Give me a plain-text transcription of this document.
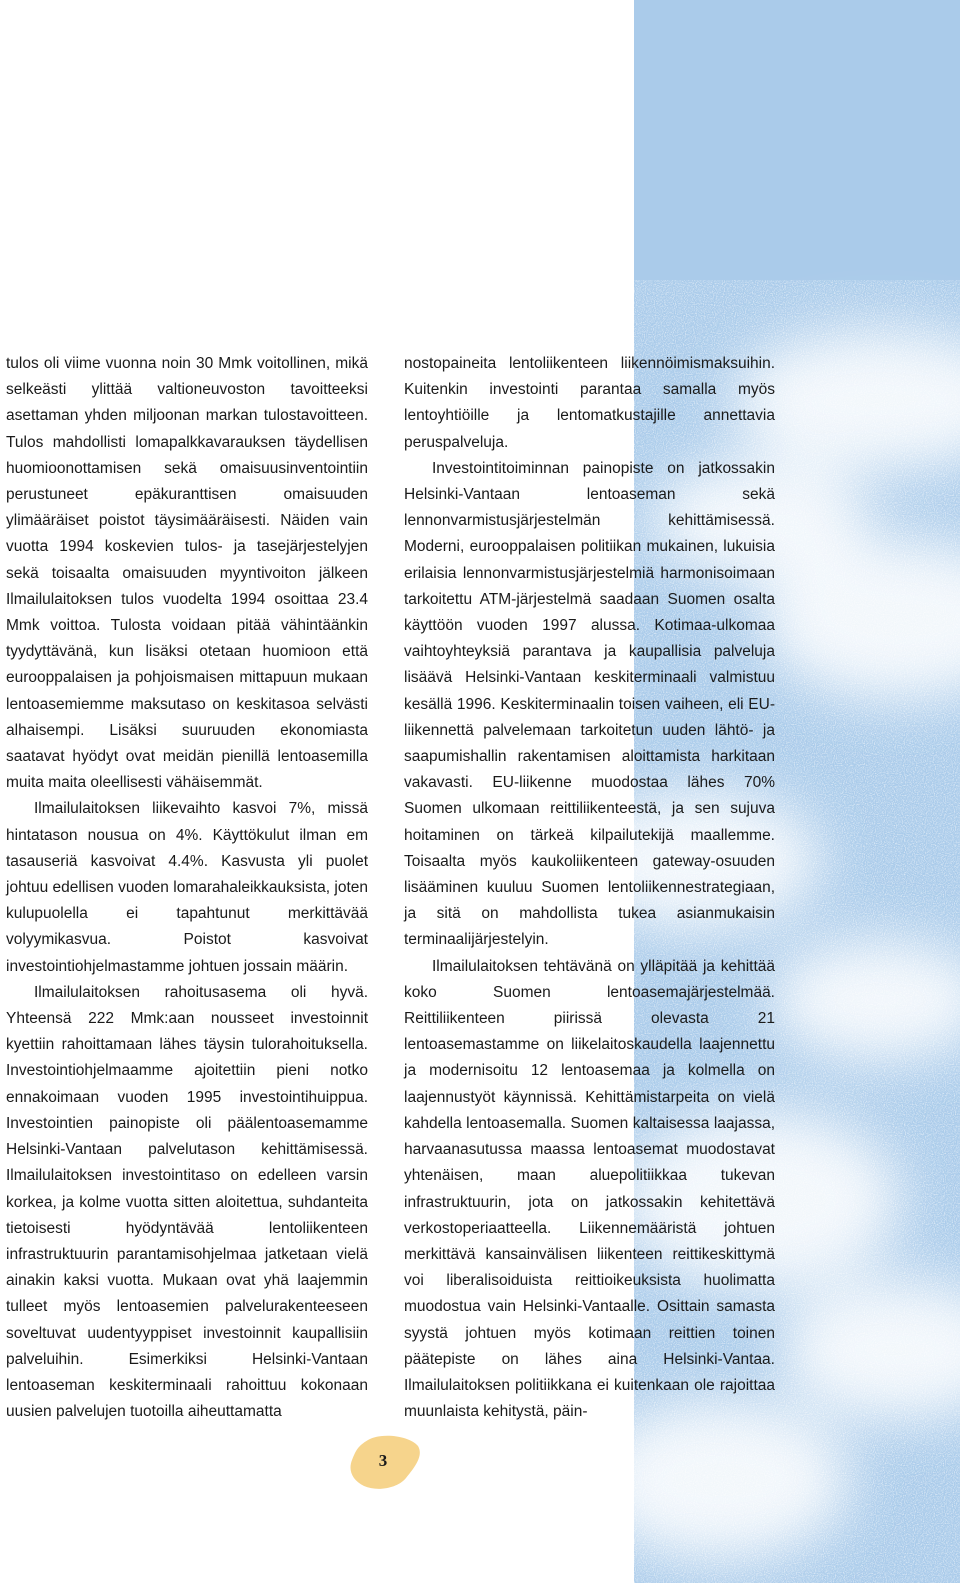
tulos oli viime vuonna noin 30 Mmk voitollinen, mikä selkeästi ylittää valtioneuvoston tavoitteeksi asettaman yhden miljoonan markan tulostavoitteen. Tulos mahdollisti lomapalkkavarauksen täydellisen huomioonottamisen sekä omaisuusinventointiin perustuneet epäkuranttisen omaisuuden ylimääräiset poistot täysimääräisesti. Näiden vain vuotta 1994 koskevien tulos- ja tasejärjestelyjen sekä toisaalta omaisuuden myyntivoiton jälkeen Ilmailulaitoksen tulos vuodelta 1994 osoittaa 23.4 Mmk voittoa. Tulosta voidaan pitää vähintäänkin tyydyttävänä, kun lisäksi otetaan huomioon että eurooppalaisen ja pohjoismaisen mittapuun mukaan lentoasemiemme maksutaso on keskitasoa selvästi alhaisempi. Lisäksi suuruuden ekonomiasta saatavat hyödyt ovat meidän pienillä lentoasemilla muita maita oleellisesti vähäisemmät.

Ilmailulaitoksen liikevaihto kasvoi 7%, missä hintatason nousua on 4%. Käyttökulut ilman em tasauseriä kasvoivat 4.4%. Kasvusta yli puolet johtuu edellisen vuoden lomarahaleikkauksista, joten kulupuolella ei tapahtunut merkittävää volyymikasvua. Poistot kasvoivat investointiohjelmastamme johtuen jossain määrin.

Ilmailulaitoksen rahoitusasema oli hyvä. Yhteensä 222 Mmk:aan nousseet investoinnit kyettiin rahoittamaan lähes täysin tulorahoituksella. Investointiohjelmaamme ajoitettiin pieni notko ennakoimaan vuoden 1995 investointihuippua. Investointien painopiste oli päälentoasemamme Helsinki-Vantaan palvelutason kehittämisessä. Ilmailulaitoksen investointitaso on edelleen varsin korkea, ja kolme vuotta sitten aloitettua, suhdanteita tietoisesti hyödyntävää lentoliikenteen infrastruktuurin parantamisohjelmaa jatketaan vielä ainakin kaksi vuotta. Mukaan ovat yhä laajemmin tulleet myös lentoasemien palvelurakenteeseen soveltuvat uudentyyppiset investoinnit kaupallisiin palveluihin. Esimerkiksi Helsinki-Vantaan lentoaseman keskiterminaali rahoittuu kokonaan uusien palvelujen tuotoilla aiheuttamatta

nostopaineita lentoliikenteen liikennöimismaksuihin. Kuitenkin investointi parantaa samalla myös lentoyhtiöille ja lentomatkustajille annettavia peruspalveluja.

Investointitoiminnan painopiste on jatkossakin Helsinki-Vantaan lentoaseman sekä lennonvarmistusjärjestelmän kehittämisessä. Moderni, eurooppalaisen politiikan mukainen, lukuisia erilaisia lennonvarmistusjärjestelmiä harmonisoimaan tarkoitettu ATM-järjestelmä saadaan Suomen osalta käyttöön vuoden 1997 alussa. Kotimaa-ulkomaa vaihtoyhteyksiä parantava ja kaupallisia palveluja lisäävä Helsinki-Vantaan keskiterminaali valmistuu kesällä 1996. Keskiterminaalin toisen vaiheen, eli EU-liikennettä palvelemaan tarkoitetun uuden lähtö- ja saapumishallin rakentamisen aloittamista harkitaan vakavasti. EU-liikenne muodostaa lähes 70% Suomen ulkomaan reittiliikenteestä, ja sen sujuva hoitaminen on tärkeä kilpailutekijä maallemme. Toisaalta myös kaukoliikenteen gateway-osuuden lisääminen kuuluu Suomen lentoliikennestrategiaan, ja sitä on mahdollista tukea asianmukaisin terminaalijärjestelyin.

Ilmailulaitoksen tehtävänä on ylläpitää ja kehittää koko Suomen lentoasemajärjestelmää. Reittiliikenteen piirissä olevasta 21 lentoasemastamme on liikelaitoskaudella laajennettu ja modernisoitu 12 lentoasemaa ja kolmella on laajennustyöt käynnissä. Kehittämistarpeita on vielä kahdella lentoasemalla. Suomen kaltaisessa laajassa, harvaanasutussa maassa lentoasemat muodostavat yhtenäisen, maan aluepolitiikkaa tukevan infrastruktuurin, jota on jatkossakin kehitettävä verkostoperiaatteella. Liikennemääristä johtuen merkittävä kansainvälisen liikenteen reittikeskittymä voi liberalisoiduista reittioikeuksista huolimatta muodostua vain Helsinki-Vantaalle. Osittain samasta syystä johtuen myös kotimaan reittien toinen päätepiste on lähes aina Helsinki-Vantaa. Ilmailulaitoksen politiikkana ei kuitenkaan ole rajoittaa muunlaista kehitystä, päin-

3
